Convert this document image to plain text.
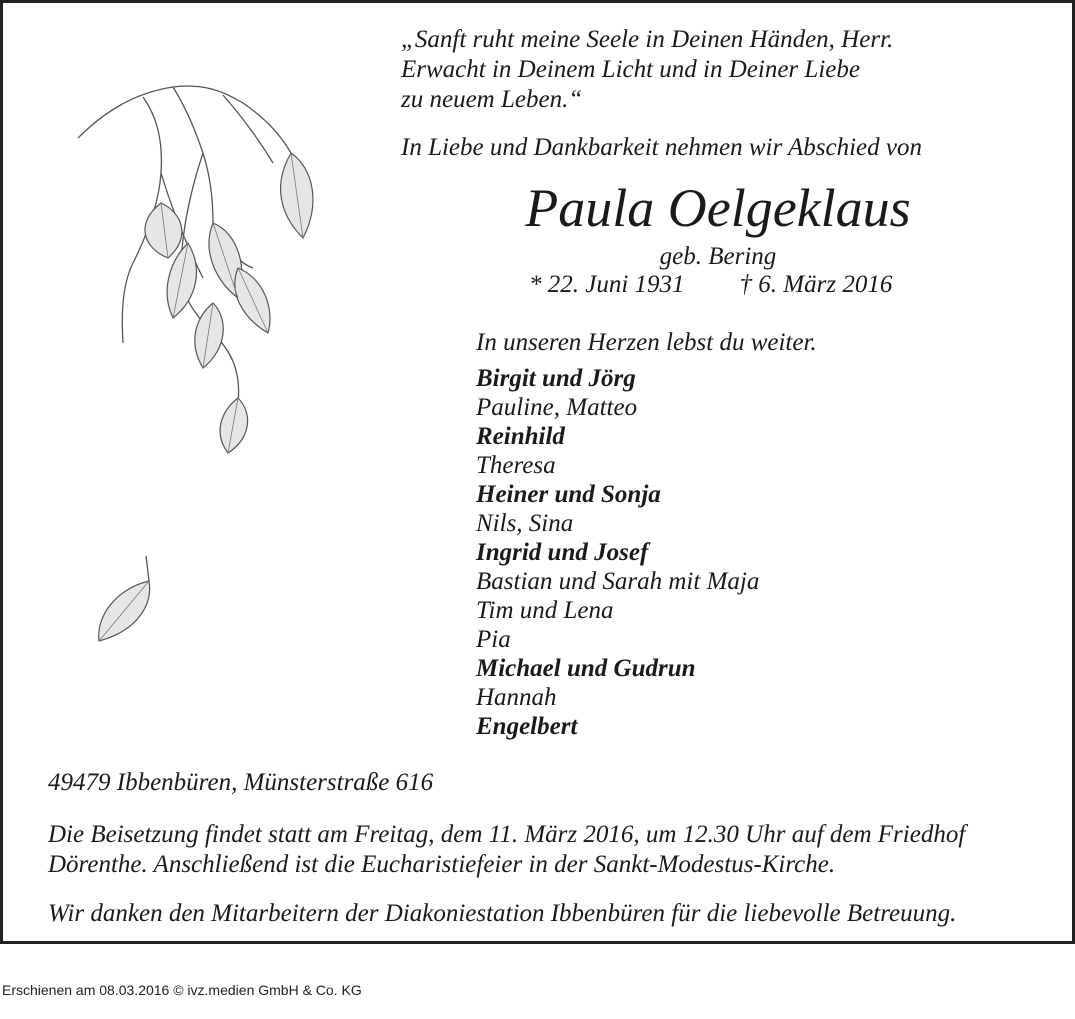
„Sanft ruht meine Seele in Deinen Händen, Herr.
Erwacht in Deinem Licht und in Deiner Liebe
zu neuem Leben.“
In Liebe und Dankbarkeit nehmen wir Abschied von
Paula Oelgeklaus
geb. Bering
* 22. Juni 1931 † 6. März 2016
In unseren Herzen lebst du weiter.
Birgit und Jörg
Pauline, Matteo
Reinhild
Theresa
Heiner und Sonja
Nils, Sina
Ingrid und Josef
Bastian und Sarah mit Maja
Tim und Lena
Pia
Michael und Gudrun
Hannah
Engelbert
49479 Ibbenbüren, Münsterstraße 616
Die Beisetzung findet statt am Freitag, dem 11. März 2016, um 12.30 Uhr auf dem Friedhof Dörenthe. Anschließend ist die Eucharistiefeier in der Sankt-Modestus-Kirche.
Wir danken den Mitarbeitern der Diakoniestation Ibbenbüren für die liebevolle Betreuung.
Erschienen am 08.03.2016 © ivz.medien GmbH & Co. KG
